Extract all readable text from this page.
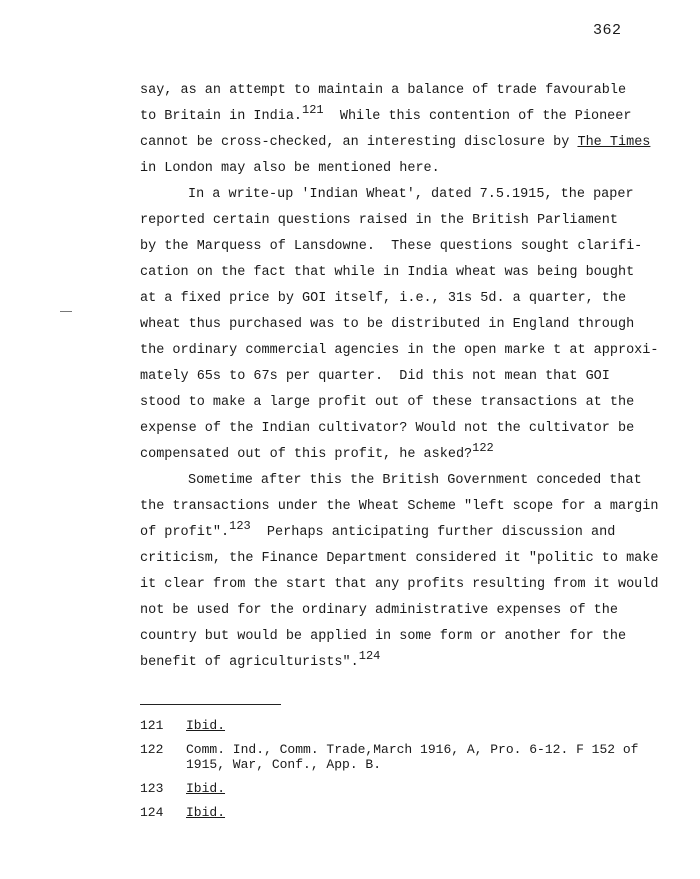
362
say, as an attempt to maintain a balance of trade favourable
to Britain in India.$^{121}$  While this contention of the Pioneer
cannot be cross-checked, an interesting disclosure by The Times
in London may also be mentioned here.
In a write-up 'Indian Wheat', dated 7.5.1915, the paper
reported certain questions raised in the British Parliament
by the Marquess of Lansdowne.  These questions sought clarifi-
cation on the fact that while in India wheat was being bought
at a fixed price by GOI itself, i.e., 31s 5d. a quarter, the
wheat thus purchased was to be distributed in England through
the ordinary commercial agencies in the open marke t at approxi-
mately 65s to 67s per quarter.  Did this not mean that GOI
stood to make a large profit out of these transactions at the
expense of the Indian cultivator? Would not the cultivator be
compensated out of this profit, he asked?$^{122}$
Sometime after this the British Government conceded that
the transactions under the Wheat Scheme "left scope for a margin
of profit".$^{123}$  Perhaps anticipating further discussion and
criticism, the Finance Department considered it "politic to make
it clear from the start that any profits resulting from it would
not be used for the ordinary administrative expenses of the
country but would be applied in some form or another for the
benefit of agriculturists".$^{124}$
121	Ibid.
122	Comm. Ind., Comm. Trade,March 1916, A, Pro. 6-12. F 152 of 1915, War, Conf., App. B.
123	Ibid.
124	Ibid.
